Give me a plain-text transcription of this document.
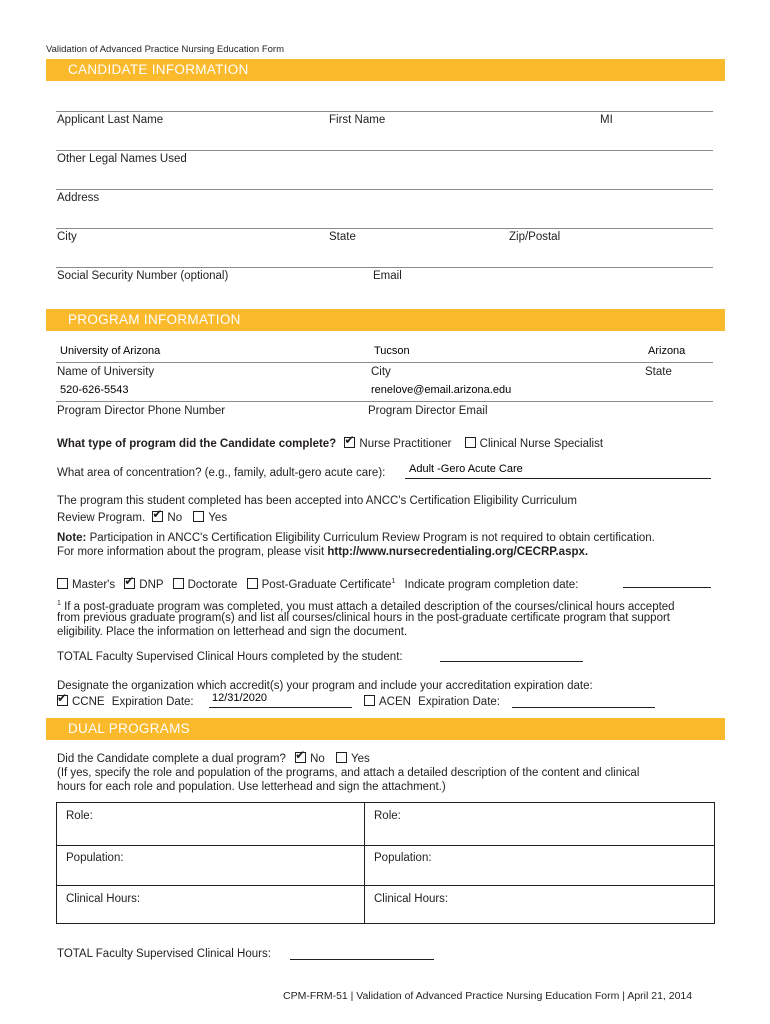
Validation of Advanced Practice Nursing Education Form
CANDIDATE INFORMATION
Applicant Last Name	First Name	MI
Other Legal Names Used
Address
City	State	Zip/Postal
Social Security Number (optional)	Email
PROGRAM INFORMATION
University of Arizona	Tucson	Arizona
Name of University	City	State
520-626-5543	renelove@email.arizona.edu
Program Director Phone Number	Program Director Email
What type of program did the Candidate complete? ✔ Nurse Practitioner Clinical Nurse Specialist
What area of concentration? (e.g., family, adult-gero acute care): Adult -Gero Acute Care
The program this student completed has been accepted into ANCC's Certification Eligibility Curriculum
Review Program. ✔ No Yes
Note: Participation in ANCC's Certification Eligibility Curriculum Review Program is not required to obtain certification.
For more information about the program, please visit http://www.nursecredentialing.org/CECRP.aspx.
Master's ✔ DNP Doctorate Post-Graduate Certificate$^1$ Indicate program completion date:
$^1$ If a post-graduate program was completed, you must attach a detailed description of the courses/clinical hours accepted
from previous graduate program(s) and list all courses/clinical hours in the post-graduate certificate program that support
eligibility. Place the information on letterhead and sign the document.
TOTAL Faculty Supervised Clinical Hours completed by the student:
Designate the organization which accredit(s) your program and include your accreditation expiration date:
✔CCNE Expiration Date: 12/31/2020	ACEN Expiration Date:
DUAL PROGRAMS
Did the Candidate complete a dual program? ✔ No Yes
(If yes, specify the role and population of the programs, and attach a detailed description of the content and clinical
hours for each role and population. Use letterhead and sign the attachment.)
Role:	Role:
Population:	Population:
Clinical Hours:	Clinical Hours:
TOTAL Faculty Supervised Clinical Hours:
CPM-FRM-51 | Validation of Advanced Practice Nursing Education Form | April 21, 2014
